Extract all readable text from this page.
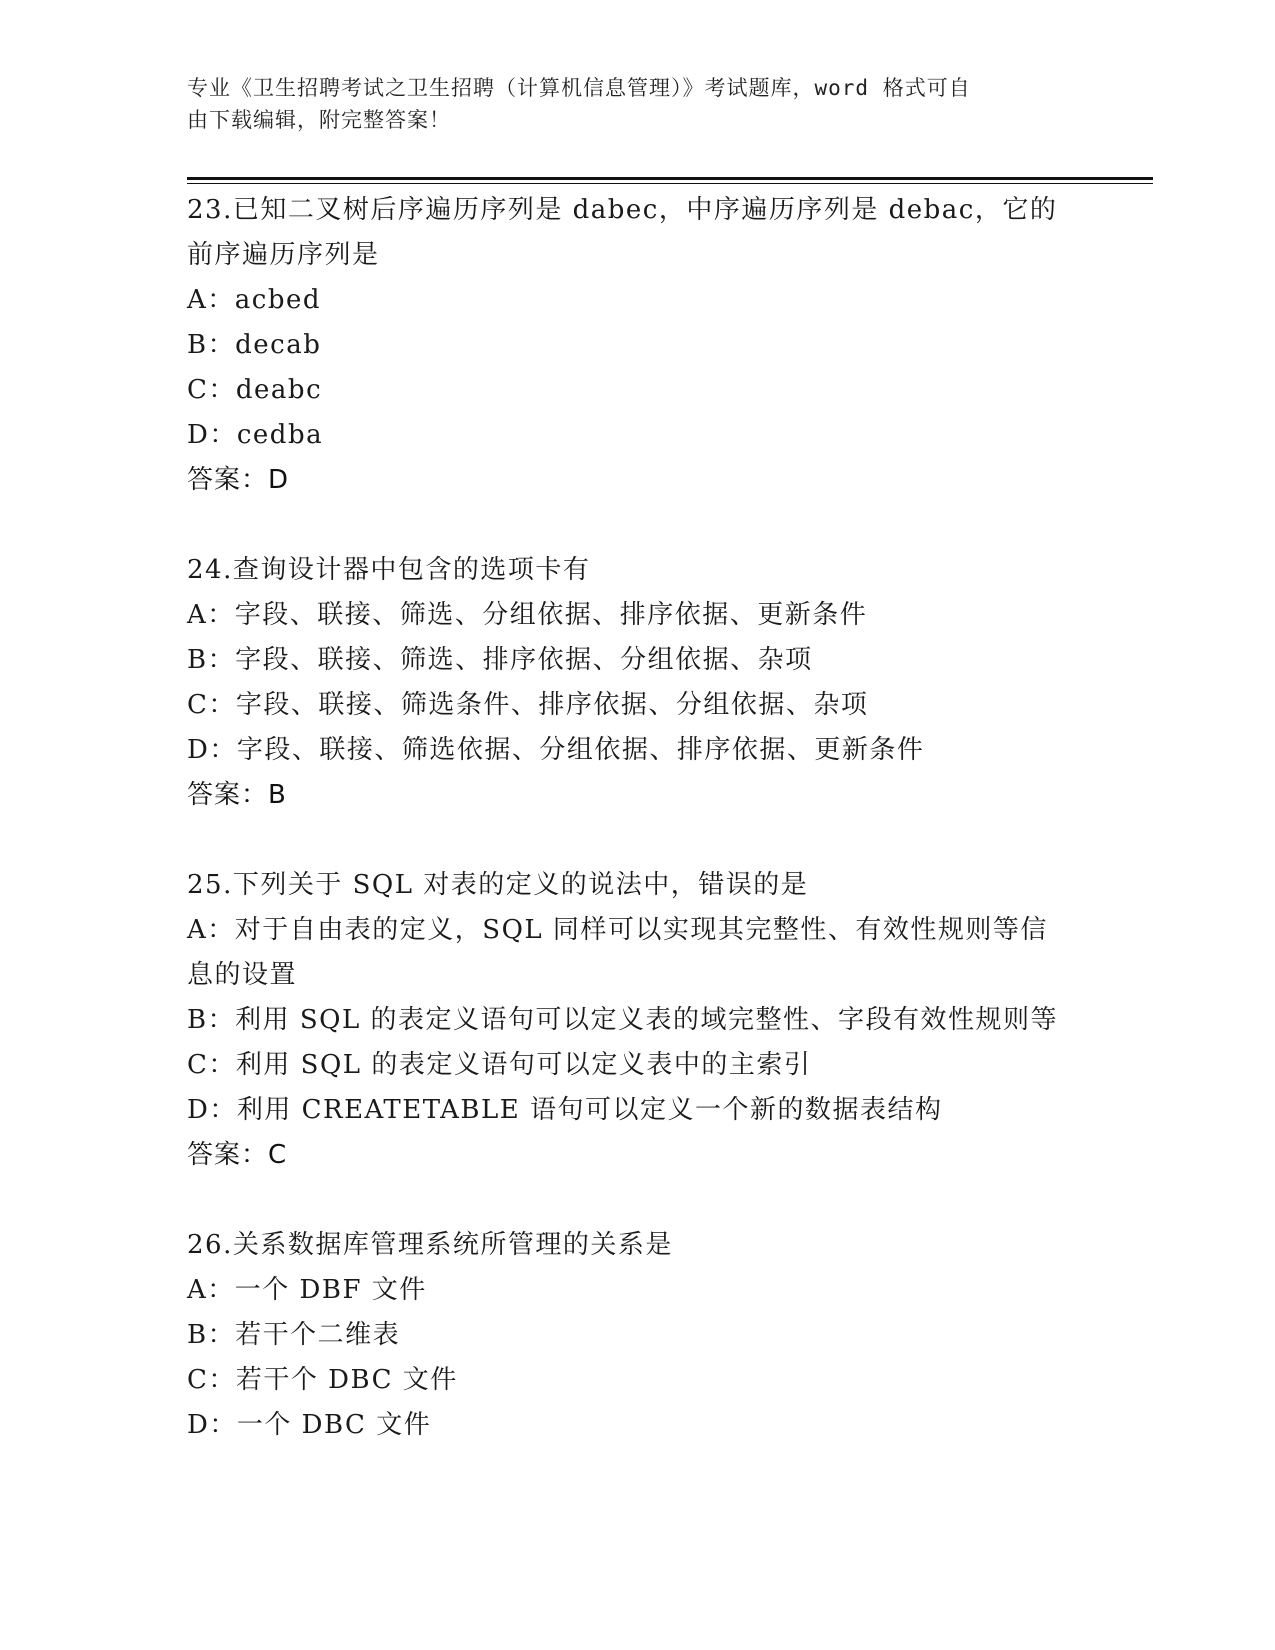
专业《卫生招聘考试之卫生招聘（计算机信息管理）》考试题库，word 格式可自
由下载编辑，附完整答案！
23.已知二叉树后序遍历序列是 dabec，中序遍历序列是 debac，它的前序遍历序列是
A：acbed
B：decab
C：deabc
D：cedba
答案：D
24.查询设计器中包含的选项卡有
A：字段、联接、筛选、分组依据、排序依据、更新条件
B：字段、联接、筛选、排序依据、分组依据、杂项
C：字段、联接、筛选条件、排序依据、分组依据、杂项
D：字段、联接、筛选依据、分组依据、排序依据、更新条件
答案：B
25.下列关于 SQL 对表的定义的说法中，错误的是
A：对于自由表的定义，SQL 同样可以实现其完整性、有效性规则等信息的设置
B：利用 SQL 的表定义语句可以定义表的域完整性、字段有效性规则等
C：利用 SQL 的表定义语句可以定义表中的主索引
D：利用 CREATETABLE 语句可以定义一个新的数据表结构
答案：C
26.关系数据库管理系统所管理的关系是
A：一个 DBF 文件
B：若干个二维表
C：若干个 DBC 文件
D：一个 DBC 文件
